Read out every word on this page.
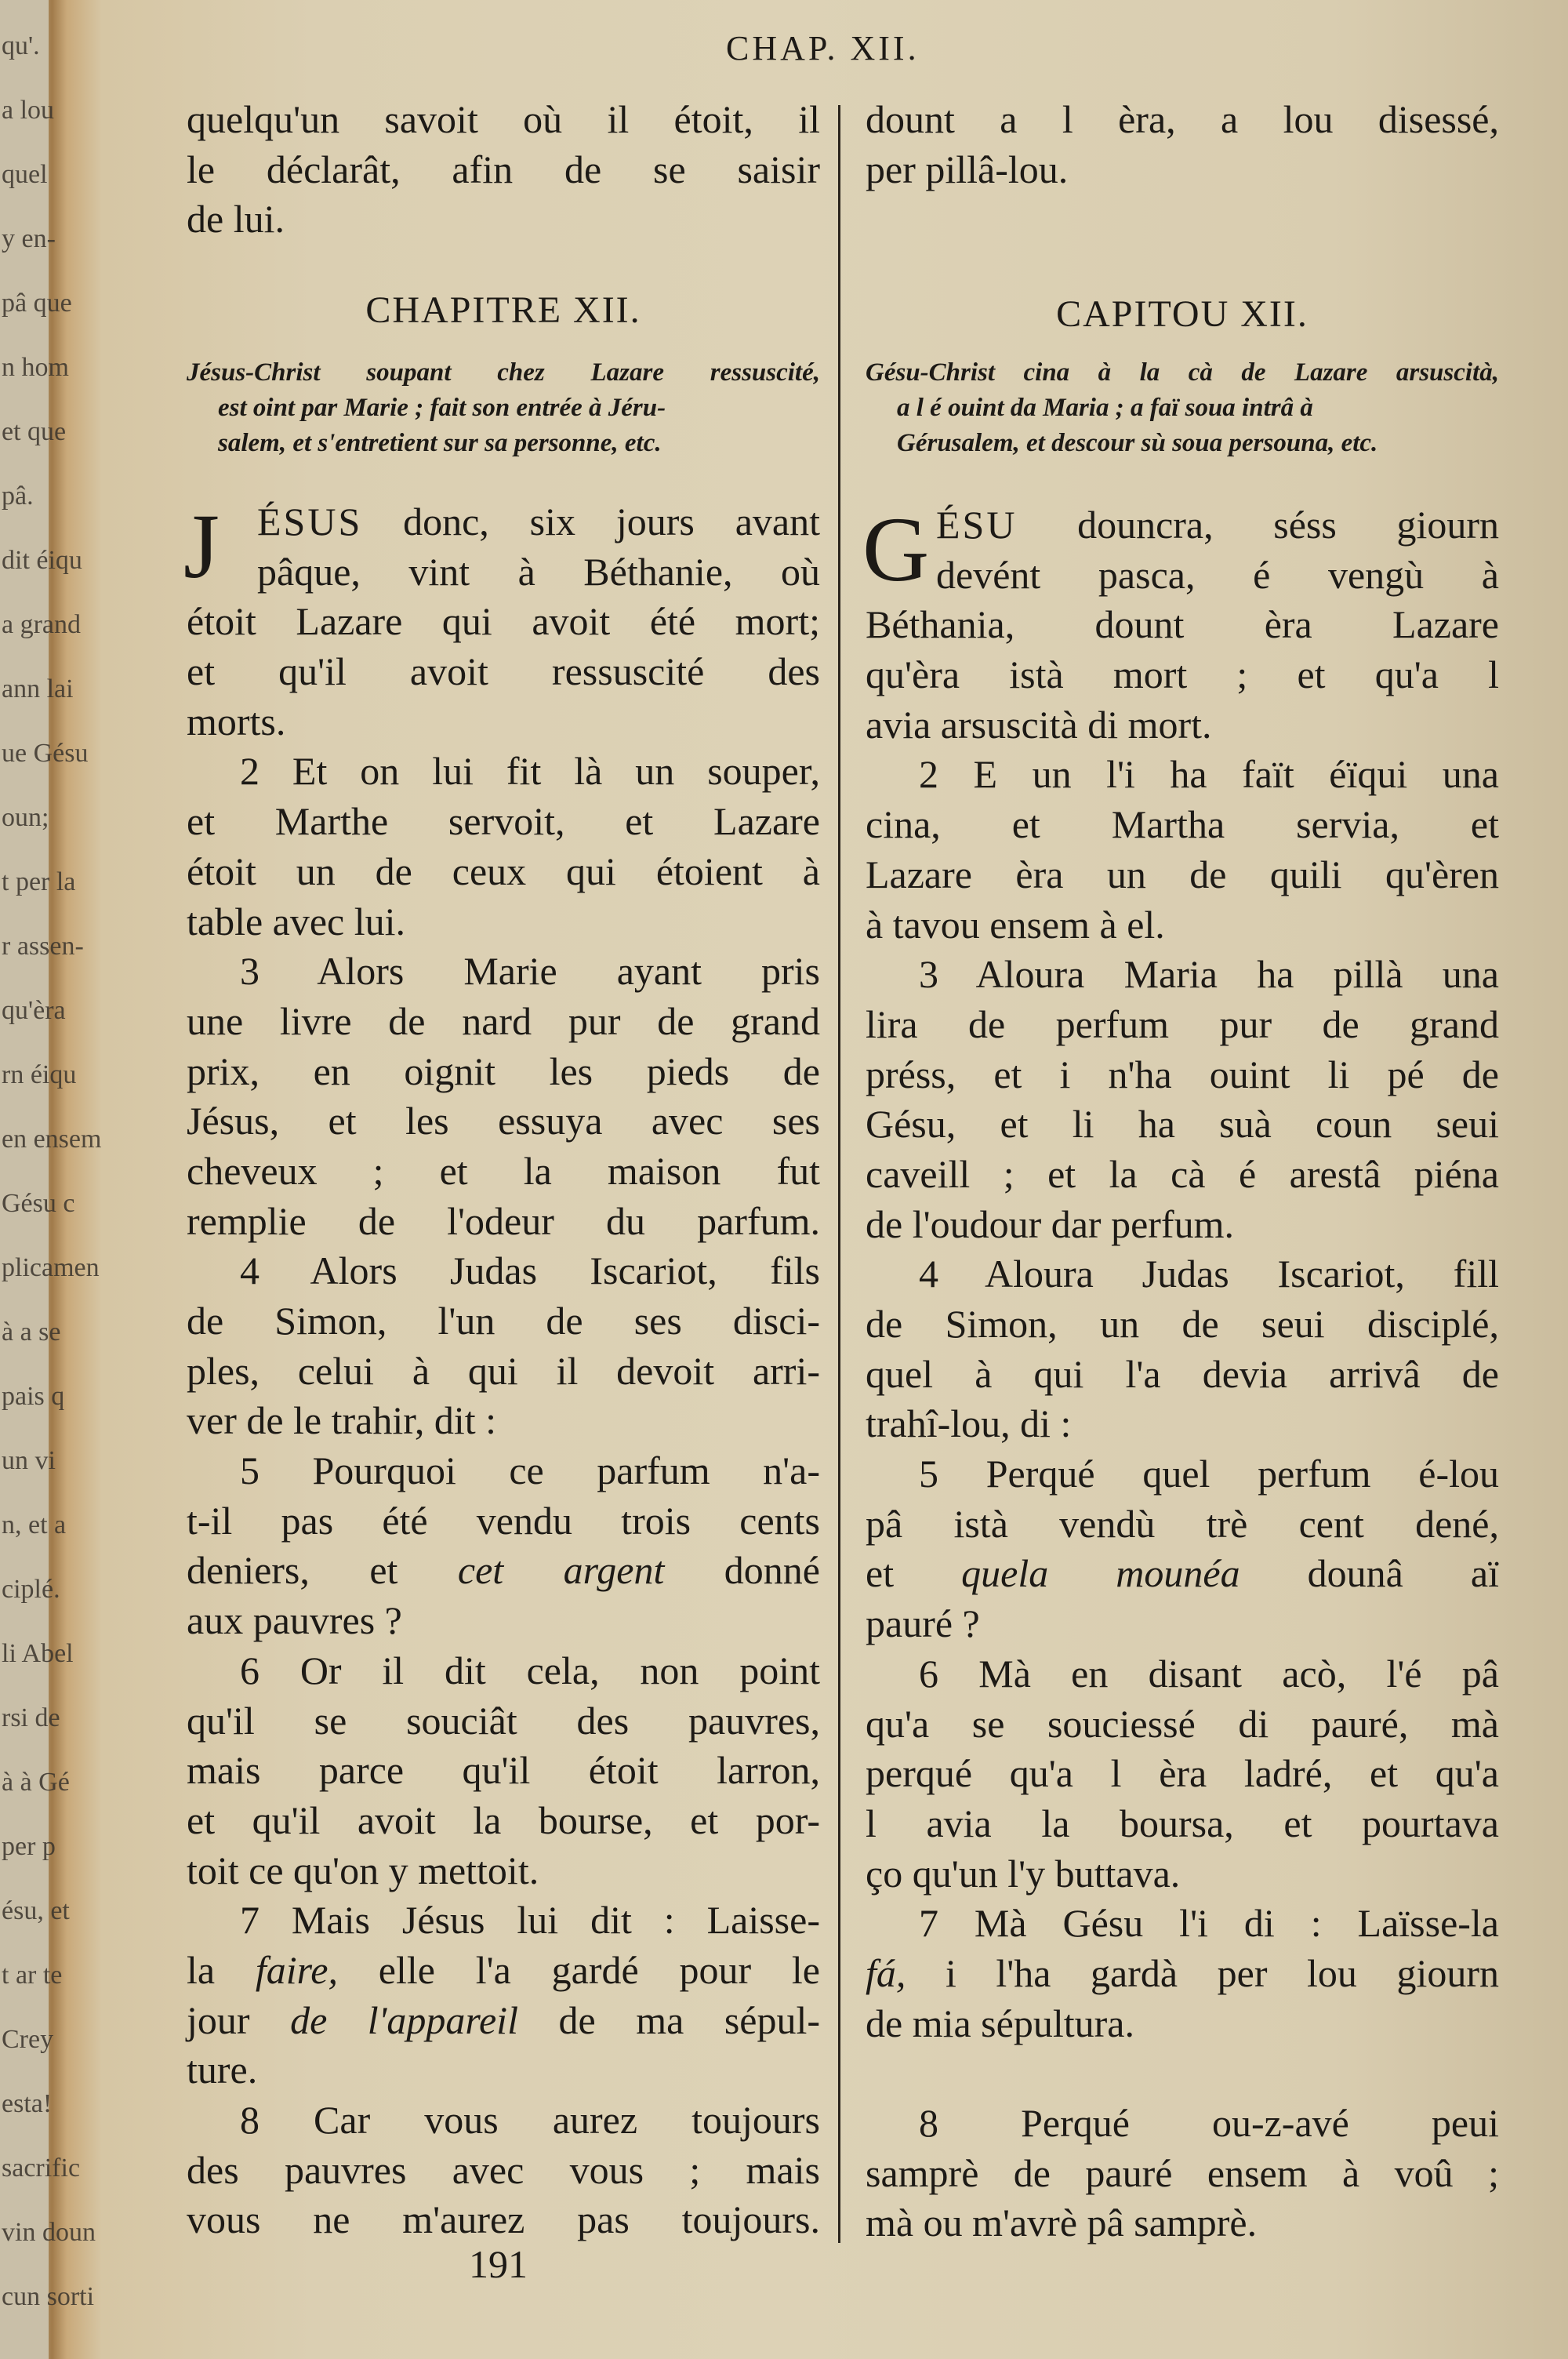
qu'.
a lou
quel
y en-
pâ que
n hom
et que
pâ.
dit éiqu
a grand
ann lai
ue Gésu
oun;
t per la
r assen-
qu'èra
rn éiqu
en ensem
Gésu c
plicamen
à a se
pais q
un vi
n, et a
ciplé.
li Abel
rsi de
à à Gé
per p
ésu, et
t ar te
Crey
esta!
sacrific
vin doun
cun sorti
CHAP. XII.
quelqu'un savoit où il étoit, il
le déclarât, afin de se saisir
de lui.
CHAPITRE XII.
Jésus-Christ soupant chez Lazare ressuscité,
est oint par Marie ; fait son entrée à Jéru-
salem, et s'entretient sur sa personne, etc.
J ÉSUS donc, six jours avant
pâque, vint à Béthanie, où
étoit Lazare qui avoit été mort;
et qu'il avoit ressuscité des
morts.
2 Et on lui fit là un souper,
et Marthe servoit, et Lazare
étoit un de ceux qui étoient à
table avec lui.
3 Alors Marie ayant pris
une livre de nard pur de grand
prix, en oignit les pieds de
Jésus, et les essuya avec ses
cheveux ; et la maison fut
remplie de l'odeur du parfum.
4 Alors Judas Iscariot, fils
de Simon, l'un de ses disci-
ples, celui à qui il devoit arri-
ver de le trahir, dit :
5 Pourquoi ce parfum n'a-
t-il pas été vendu trois cents
deniers, et cet argent donné
aux pauvres ?
6 Or il dit cela, non point
qu'il se souciât des pauvres,
mais parce qu'il étoit larron,
et qu'il avoit la bourse, et por-
toit ce qu'on y mettoit.
7 Mais Jésus lui dit : Laisse-
la faire, elle l'a gardé pour le
jour de l'appareil de ma sépul-
ture.
8 Car vous aurez toujours
des pauvres avec vous ; mais
vous ne m'aurez pas toujours.
dount a l èra, a lou disessé,
per pillâ-lou.
CAPITOU XII.
Gésu-Christ cina à la cà de Lazare arsuscità,
a l é ouint da Maria ; a faï soua intrâ à
Gérusalem, et descour sù soua persouna, etc.
G ÉSU douncra, séss giourn
devént pasca, é vengù à
Béthania, dount èra Lazare
qu'èra istà mort ; et qu'a l
avia arsuscità di mort.
2 E un l'i ha faït éïqui una
cina, et Martha servia, et
Lazare èra un de quili qu'èren
à tavou ensem à el.
3 Aloura Maria ha pillà una
lira de perfum pur de grand
préss, et i n'ha ouint li pé de
Gésu, et li ha suà coun seui
caveill ; et la cà é arestâ piéna
de l'oudour dar perfum.
4 Aloura Judas Iscariot, fill
de Simon, un de seui disciplé,
quel à qui l'a devia arrivâ de
trahî-lou, di :
5 Perqué quel perfum é-lou
pâ istà vendù trè cent dené,
et quela mounéa dounâ aï
pauré ?
6 Mà en disant acò, l'é pâ
qu'a se souciessé di pauré, mà
perqué qu'a l èra ladré, et qu'a
l avia la boursa, et pourtava
ço qu'un l'y buttava.
7 Mà Gésu l'i di : Laïsse-la
fá, i l'ha gardà per lou giourn
de mia sépultura.
8 Perqué ou-z-avé peui
samprè de pauré ensem à voû ;
mà ou m'avrè pâ samprè.
191
